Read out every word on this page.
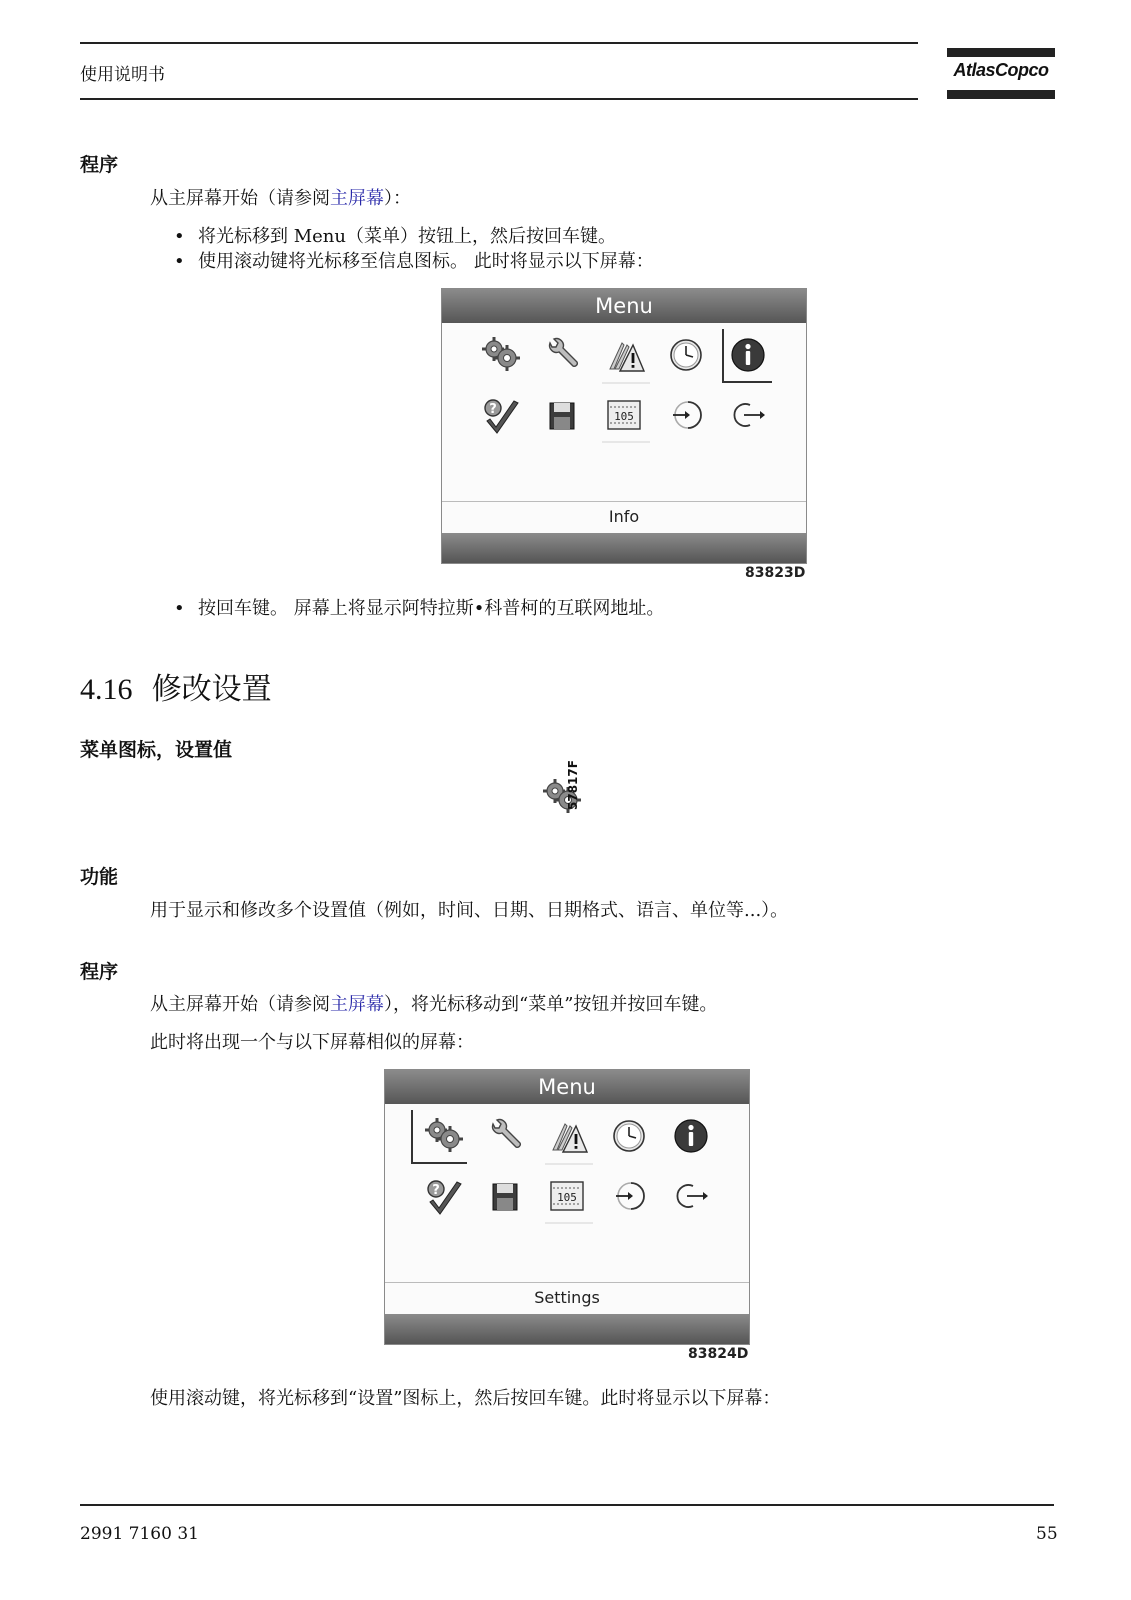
使用说明书	AtlasCopco
程序
从主屏幕开始（请参阅主屏幕）：
• 将光标移到 Menu（菜单）按钮上，然后按回车键。
• 使用滚动键将光标移至信息图标。 此时将显示以下屏幕：
Menu
?	105
Info
83823D
• 按回车键。 屏幕上将显示阿特拉斯•科普柯的互联网地址。
4.16 修改设置
菜单图标，设置值
57817F
功能
用于显示和修改多个设置值（例如，时间、日期、日期格式、语言、单位等...）。
程序
从主屏幕开始（请参阅主屏幕），将光标移动到“菜单”按钮并按回车键。
此时将出现一个与以下屏幕相似的屏幕：
Menu
?	105
Settings
83824D
使用滚动键，将光标移到“设置”图标上，然后按回车键。此时将显示以下屏幕：
2991 7160 31	55
